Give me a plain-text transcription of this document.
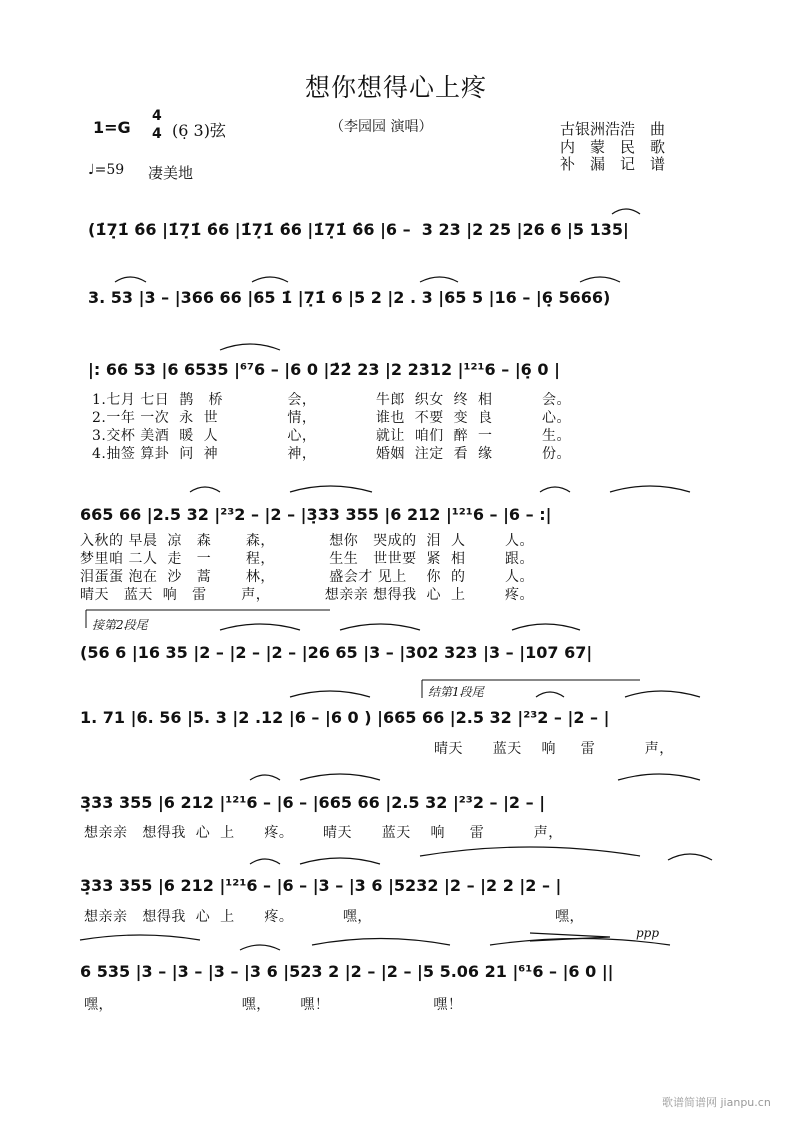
想你想得心上疼
1=G
4
4 (6̣ 3)弦	（李园园 演唱）	古银洲浩浩　曲
内　蒙　民　歌
补　漏　记　谱
♩=59 凄美地
(1̇7̣1̇ 6̇6 |1̇7̣1̇ 6̇6 |1̇7̣1̇ 6̇6 |1̇7̣1̇ 6̇6 |6 –  3 23 |2 25 |26 6 |5 135|
3. 53 |3 – |366 66 |65 1̇ |7̣1̇ 6 |5 2 |2 . 3 |65 5 |16 – |6̣ 5666)
|: 66 53 |6 6535 |⁶⁷6 – |6 0 |2̇2̇ 23 |2 2312 |¹²¹6 – |6̣ 0 |
1.七月 七日  鹊   桥             会，            牛郎  织女  终  相          会。
2.一年 一次  永  世              情，            谁也  不要  变  良          心。
3.交杯 美酒  暖  人              心，            就让  咱们  醉  一          生。
4.抽签 算卦  问  神              神，            婚姻  注定  看  缘          份。
665 66 |2.5 32 |²³2 – |2 – |3̣33 355 |6 212 |¹²¹6 – |6 – :|
入秋的 早晨  凉   森       森，           想你   哭成的  泪  人        人。
梦里咱 二人  走   一       程，           生生   世世要  紧  相        跟。
泪蛋蛋 泡在  沙   蒿       林，           盛会才 见上    你  的        人。
晴天   蓝天  响   雷       声，           想亲亲 想得我  心  上        疼。
接第2段尾
(56 6 |16 35 |2 – |2 – |2 – |26 65 |3 – |302 323 |3 – |107 67|
结第1段尾
1. 71 |6. 56 |5. 3 |2 .12 |6 – |6 0 ) |665 66 |2.5 32 |²³2 – |2 – |
晴天      蓝天    响     雷          声，
3̣33 355 |6 212 |¹²¹6 – |6 – |665 66 |2.5 32 |²³2 – |2 – |
想亲亲   想得我  心  上      疼。      晴天      蓝天    响     雷          声，
3̣33 355 |6 212 |¹²¹6 – |6 – |3 – |3 6 |5232 |2 – |2 2 |2 – |
想亲亲   想得我  心  上      疼。          嘿，                                     嘿，
ppp
6 535 |3 – |3 – |3 – |3 6 |523 2 |2 – |2 – |5 5.06 21 |⁶¹6 – |6 0 ||
嘿，                          嘿，      嘿！                     嘿！
歌谱简谱网 jianpu.cn
